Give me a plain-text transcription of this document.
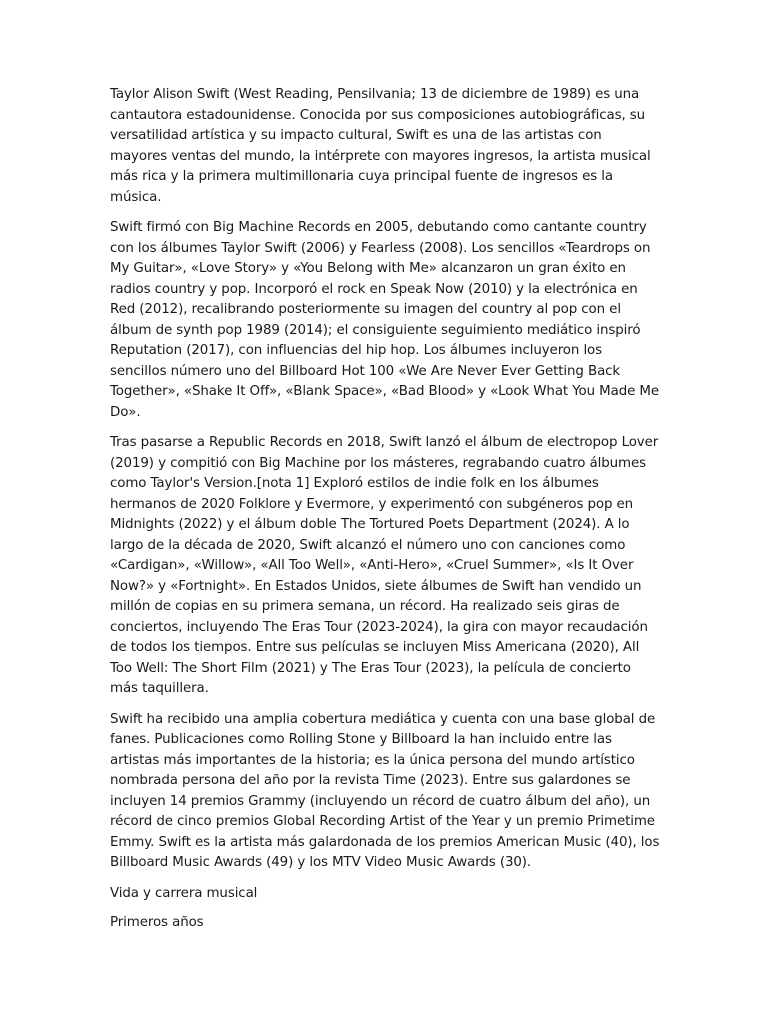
Taylor Alison Swift (West Reading, Pensilvania; 13 de diciembre de 1989) es una cantautora estadounidense. Conocida por sus composiciones autobiográficas, su versatilidad artística y su impacto cultural, Swift es una de las artistas con mayores ventas del mundo, la intérprete con mayores ingresos, la artista musical más rica y la primera multimillonaria cuya principal fuente de ingresos es la música.

Swift firmó con Big Machine Records en 2005, debutando como cantante country con los álbumes Taylor Swift (2006) y Fearless (2008). Los sencillos «Teardrops on My Guitar», «Love Story» y «You Belong with Me» alcanzaron un gran éxito en radios country y pop. Incorporó el rock en Speak Now (2010) y la electrónica en Red (2012), recalibrando posteriormente su imagen del country al pop con el álbum de synth pop 1989 (2014); el consiguiente seguimiento mediático inspiró Reputation (2017), con influencias del hip hop. Los álbumes incluyeron los sencillos número uno del Billboard Hot 100 «We Are Never Ever Getting Back Together», «Shake It Off», «Blank Space», «Bad Blood» y «Look What You Made Me Do».

Tras pasarse a Republic Records en 2018, Swift lanzó el álbum de electropop Lover (2019) y compitió con Big Machine por los másteres, regrabando cuatro álbumes como Taylor's Version.[nota 1] Exploró estilos de indie folk en los álbumes hermanos de 2020 Folklore y Evermore, y experimentó con subgéneros pop en Midnights (2022) y el álbum doble The Tortured Poets Department (2024). A lo largo de la década de 2020, Swift alcanzó el número uno con canciones como «Cardigan», «Willow», «All Too Well», «Anti-Hero», «Cruel Summer», «Is It Over Now?» y «Fortnight». En Estados Unidos, siete álbumes de Swift han vendido un millón de copias en su primera semana, un récord. Ha realizado seis giras de conciertos, incluyendo The Eras Tour (2023-2024), la gira con mayor recaudación de todos los tiempos. Entre sus películas se incluyen Miss Americana (2020), All Too Well: The Short Film (2021) y The Eras Tour (2023), la película de concierto más taquillera.

Swift ha recibido una amplia cobertura mediática y cuenta con una base global de fanes. Publicaciones como Rolling Stone y Billboard la han incluido entre las artistas más importantes de la historia; es la única persona del mundo artístico nombrada persona del año por la revista Time (2023). Entre sus galardones se incluyen 14 premios Grammy (incluyendo un récord de cuatro álbum del año), un récord de cinco premios Global Recording Artist of the Year y un premio Primetime Emmy. Swift es la artista más galardonada de los premios American Music (40), los Billboard Music Awards (49) y los MTV Video Music Awards (30).

Vida y carrera musical

Primeros años
